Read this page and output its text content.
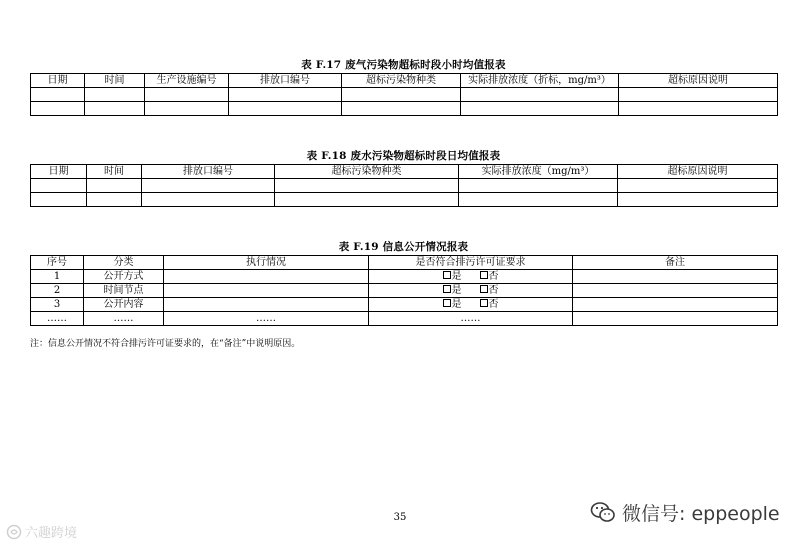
表 F.17 废气污染物超标时段小时均值报表
日期	时间	生产设施编号	排放口编号	超标污染物种类	实际排放浓度（折标，mg/m³）	超标原因说明

表 F.18 废水污染物超标时段日均值报表
日期	时间	排放口编号	超标污染物种类	实际排放浓度（mg/m³）	超标原因说明

表 F.19 信息公开情况报表
序号	分类	执行情况	是否符合排污许可证要求	备注
1	公开方式		是 否	
2	时间节点		是 否	
3	公开内容		是 否	
……	……	……	……	
注：信息公开情况不符合排污许可证要求的，在“备注”中说明原因。
35	微信号: eppeople
六趣跨境
